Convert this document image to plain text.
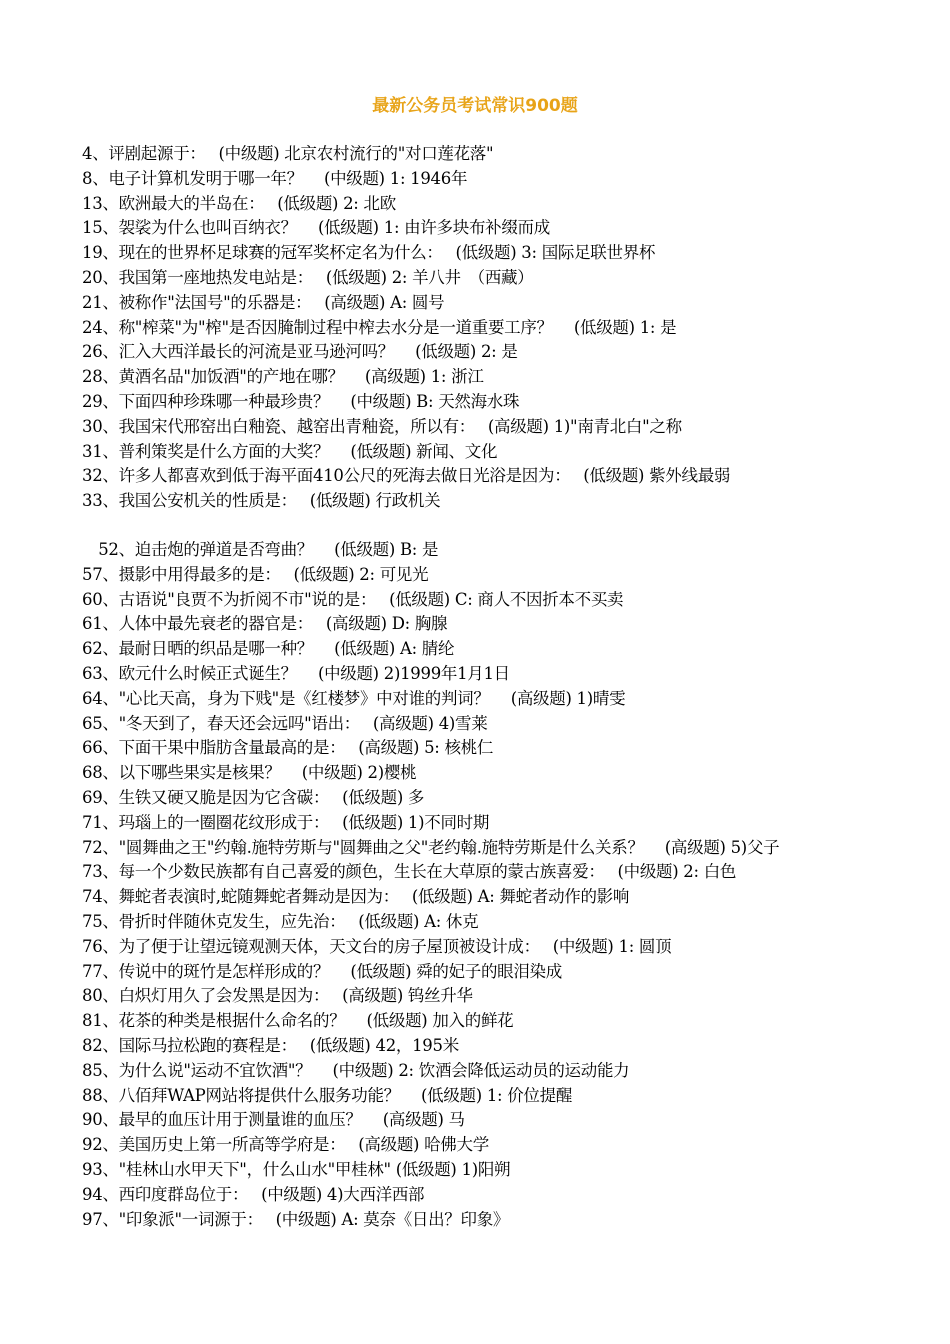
最新公务员考试常识900题
4、评剧起源于：　 (中级题) 北京农村流行的"对口莲花落"
8、电子计算机发明于哪一年？　 (中级题) 1: 1946年
13、欧洲最大的半岛在：　 (低级题) 2: 北欧
15、袈裟为什么也叫百纳衣？　 (低级题) 1: 由许多块布补缀而成
19、现在的世界杯足球赛的冠军奖杯定名为什么：　 (低级题) 3: 国际足联世界杯
20、我国第一座地热发电站是：　 (低级题) 2: 羊八井　（西藏）
21、被称作"法国号"的乐器是：　 (高级题) A: 圆号
24、称"榨菜"为"榨"是否因腌制过程中榨去水分是一道重要工序？　 (低级题) 1: 是
26、汇入大西洋最长的河流是亚马逊河吗？　 (低级题) 2: 是
28、黄酒名品"加饭酒"的产地在哪？　 (高级题) 1: 浙江
29、下面四种珍珠哪一种最珍贵？　 (中级题) B: 天然海水珠
30、我国宋代邢窑出白釉瓷、越窑出青釉瓷，所以有：　 (高级题) 1)"南青北白"之称
31、普利策奖是什么方面的大奖？　 (低级题) 新闻、文化
32、许多人都喜欢到低于海平面410公尺的死海去做日光浴是因为：　 (低级题) 紫外线最弱
33、我国公安机关的性质是：　 (低级题) 行政机关
　52、迫击炮的弹道是否弯曲？　 (低级题) B: 是
57、摄影中用得最多的是：　 (低级题) 2: 可见光
60、古语说"良贾不为折阅不市"说的是：　 (低级题) C: 商人不因折本不买卖
61、人体中最先衰老的器官是：　 (高级题) D: 胸腺
62、最耐日晒的织品是哪一种？　 (低级题) A: 腈纶
63、欧元什么时候正式诞生？　 (中级题) 2)1999年1月1日
64、"心比天高，身为下贱"是《红楼梦》中对谁的判词？　 (高级题) 1)晴雯
65、"冬天到了，春天还会远吗"语出：　 (高级题) 4)雪莱
66、下面干果中脂肪含量最高的是：　 (高级题) 5: 核桃仁
68、以下哪些果实是核果？　 (中级题) 2)樱桃
69、生铁又硬又脆是因为它含碳：　 (低级题) 多
71、玛瑙上的一圈圈花纹形成于：　 (低级题) 1)不同时期
72、"圆舞曲之王"约翰.施特劳斯与"圆舞曲之父"老约翰.施特劳斯是什么关系？　 (高级题) 5)父子
73、每一个少数民族都有自己喜爱的颜色，生长在大草原的蒙古族喜爱：　 (中级题) 2: 白色
74、舞蛇者表演时,蛇随舞蛇者舞动是因为：　 (低级题) A: 舞蛇者动作的影响
75、骨折时伴随休克发生，应先治：　 (低级题) A: 休克
76、为了便于让望远镜观测天体，天文台的房子屋顶被设计成：　 (中级题) 1: 圆顶
77、传说中的斑竹是怎样形成的？　 (低级题) 舜的妃子的眼泪染成
80、白炽灯用久了会发黑是因为：　 (高级题) 钨丝升华
81、花茶的种类是根据什么命名的？　 (低级题) 加入的鲜花
82、国际马拉松跑的赛程是：　 (低级题) 42，195米
85、为什么说"运动不宜饮酒"？　 (中级题) 2: 饮酒会降低运动员的运动能力
88、八佰拜WAP网站将提供什么服务功能？　 (低级题) 1: 价位提醒
90、最早的血压计用于测量谁的血压？　 (高级题) 马
92、美国历史上第一所高等学府是：　 (高级题) 哈佛大学
93、"桂林山水甲天下"，什么山水"甲桂林" (低级题) 1)阳朔
94、西印度群岛位于：　 (中级题) 4)大西洋西部
97、"印象派"一词源于：　 (中级题) A: 莫奈《日出？印象》
